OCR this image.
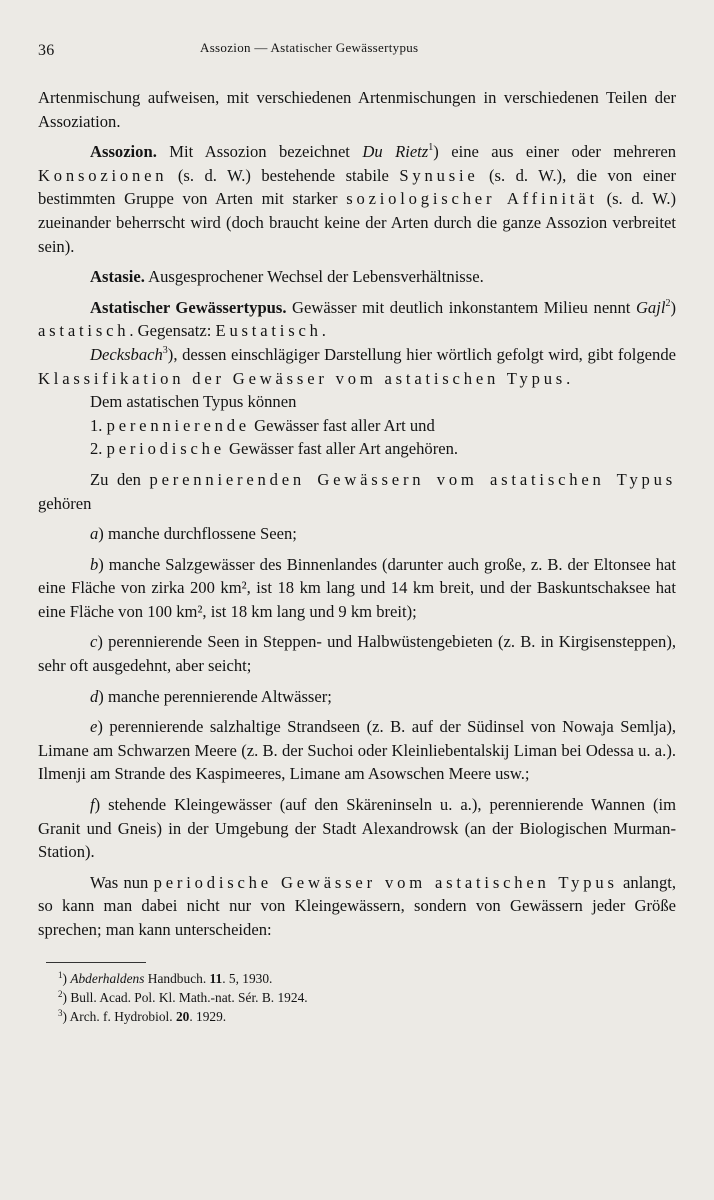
36	Assozion — Astatischer Gewässertypus

Artenmischung aufweisen, mit verschiedenen Artenmischungen in verschiedenen Teilen der Assoziation.

Assozion. Mit Assozion bezeichnet Du Rietz$^1$) eine aus einer oder mehreren Konsozionen (s. d. W.) bestehende stabile Synusie (s. d. W.), die von einer bestimmten Gruppe von Arten mit starker soziologischer Affinität (s. d. W.) zueinander beherrscht wird (doch braucht keine der Arten durch die ganze Assozion verbreitet sein).

Astasie. Ausgesprochener Wechsel der Lebensverhältnisse.

Astatischer Gewässertypus. Gewässer mit deutlich inkonstantem Milieu nennt Gajl$^2$) astatisch. Gegensatz: Eustatisch.

Decksbach$^3$), dessen einschlägiger Darstellung hier wörtlich gefolgt wird, gibt folgende Klassifikation der Gewässer vom astatischen Typus.

Dem astatischen Typus können

1. perennierende Gewässer fast aller Art und

2. periodische Gewässer fast aller Art angehören.

Zu den perennierenden Gewässern vom astatischen Typus gehören

a) manche durchflossene Seen;

b) manche Salzgewässer des Binnenlandes (darunter auch große, z. B. der Eltonsee hat eine Fläche von zirka 200 km², ist 18 km lang und 14 km breit, und der Baskuntschaksee hat eine Fläche von 100 km², ist 18 km lang und 9 km breit);

c) perennierende Seen in Steppen- und Halbwüstengebieten (z. B. in Kirgisensteppen), sehr oft ausgedehnt, aber seicht;

d) manche perennierende Altwässer;

e) perennierende salzhaltige Strandseen (z. B. auf der Südinsel von Nowaja Semlja), Limane am Schwarzen Meere (z. B. der Suchoi oder Kleinliebentalskij Liman bei Odessa u. a.). Ilmenji am Strande des Kaspimeeres, Limane am Asowschen Meere usw.;

f) stehende Kleingewässer (auf den Skäreninseln u. a.), perennierende Wannen (im Granit und Gneis) in der Umgebung der Stadt Alexandrowsk (an der Biologischen Murman-Station).

Was nun periodische Gewässer vom astatischen Typus anlangt, so kann man dabei nicht nur von Kleingewässern, sondern von Gewässern jeder Größe sprechen; man kann unterscheiden:

$^1$) Abderhaldens Handbuch. 11. 5, 1930.

$^2$) Bull. Acad. Pol. Kl. Math.-nat. Sér. B. 1924.

$^3$) Arch. f. Hydrobiol. 20. 1929.
